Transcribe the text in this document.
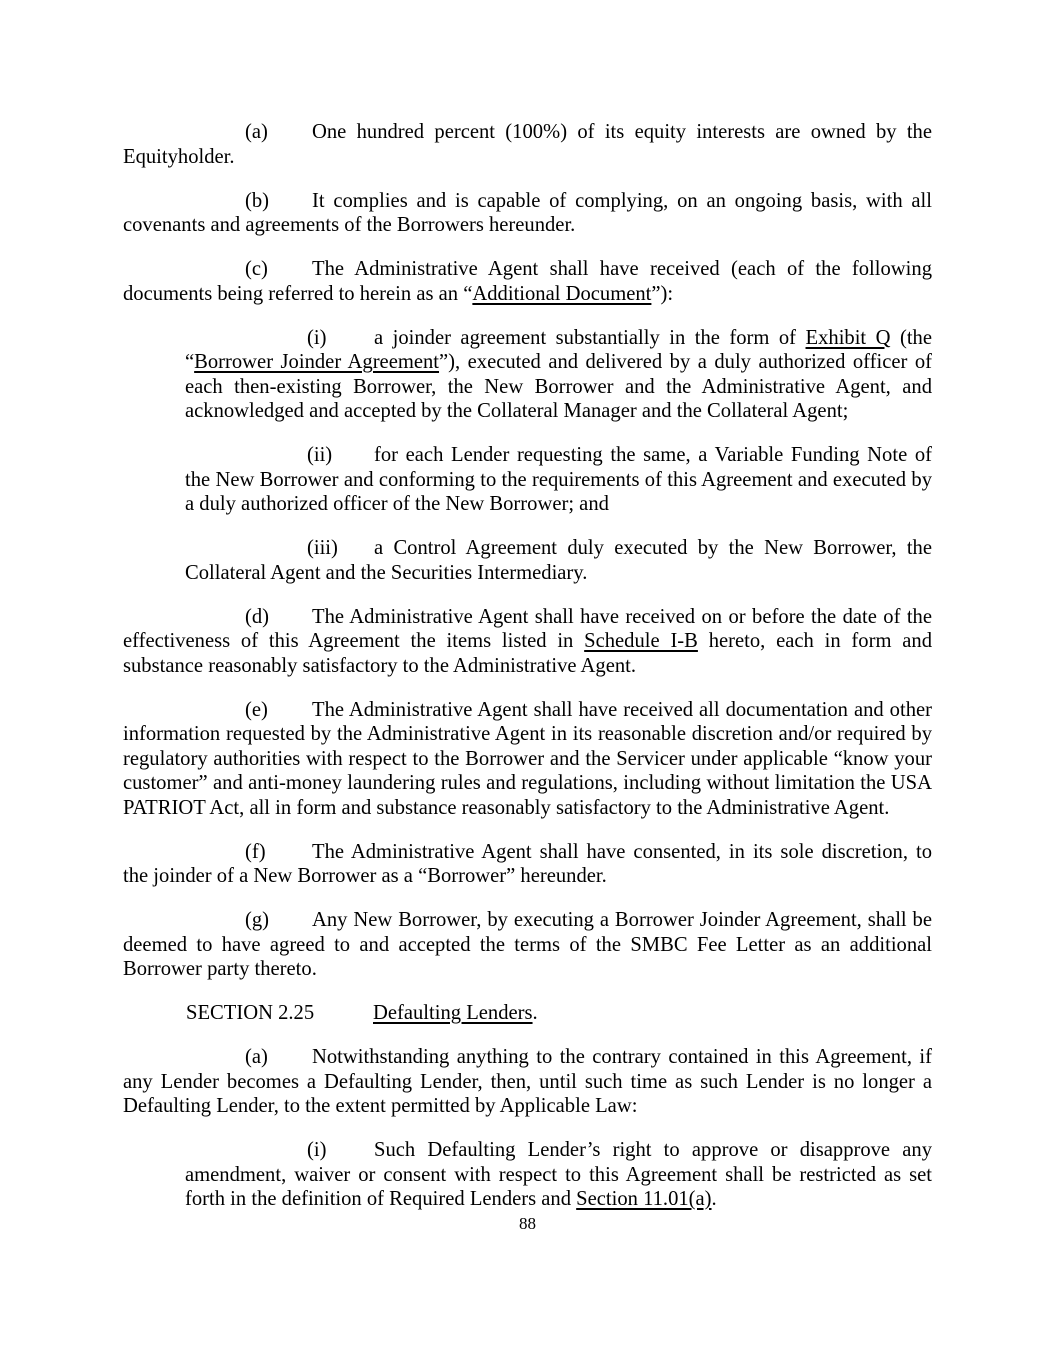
(a) One hundred percent (100%) of its equity interests are owned by the Equityholder.

(b) It complies and is capable of complying, on an ongoing basis, with all covenants and agreements of the Borrowers hereunder.

(c) The Administrative Agent shall have received (each of the following documents being referred to herein as an “Additional Document”):

(i) a joinder agreement substantially in the form of Exhibit Q (the “Borrower Joinder Agreement”), executed and delivered by a duly authorized officer of each then-existing Borrower, the New Borrower and the Administrative Agent, and acknowledged and accepted by the Collateral Manager and the Collateral Agent;

(ii) for each Lender requesting the same, a Variable Funding Note of the New Borrower and conforming to the requirements of this Agreement and executed by a duly authorized officer of the New Borrower; and

(iii) a Control Agreement duly executed by the New Borrower, the Collateral Agent and the Securities Intermediary.

(d) The Administrative Agent shall have received on or before the date of the effectiveness of this Agreement the items listed in Schedule I-B hereto, each in form and substance reasonably satisfactory to the Administrative Agent.

(e) The Administrative Agent shall have received all documentation and other information requested by the Administrative Agent in its reasonable discretion and/or required by regulatory authorities with respect to the Borrower and the Servicer under applicable “know your customer” and anti-money laundering rules and regulations, including without limitation the USA PATRIOT Act, all in form and substance reasonably satisfactory to the Administrative Agent.

(f) The Administrative Agent shall have consented, in its sole discretion, to the joinder of a New Borrower as a “Borrower” hereunder.

(g) Any New Borrower, by executing a Borrower Joinder Agreement, shall be deemed to have agreed to and accepted the terms of the SMBC Fee Letter as an additional Borrower party thereto.

SECTION 2.25	Defaulting Lenders.

(a) Notwithstanding anything to the contrary contained in this Agreement, if any Lender becomes a Defaulting Lender, then, until such time as such Lender is no longer a Defaulting Lender, to the extent permitted by Applicable Law:

(i) Such Defaulting Lender’s right to approve or disapprove any amendment, waiver or consent with respect to this Agreement shall be restricted as set forth in the definition of Required Lenders and Section 11.01(a).

88
